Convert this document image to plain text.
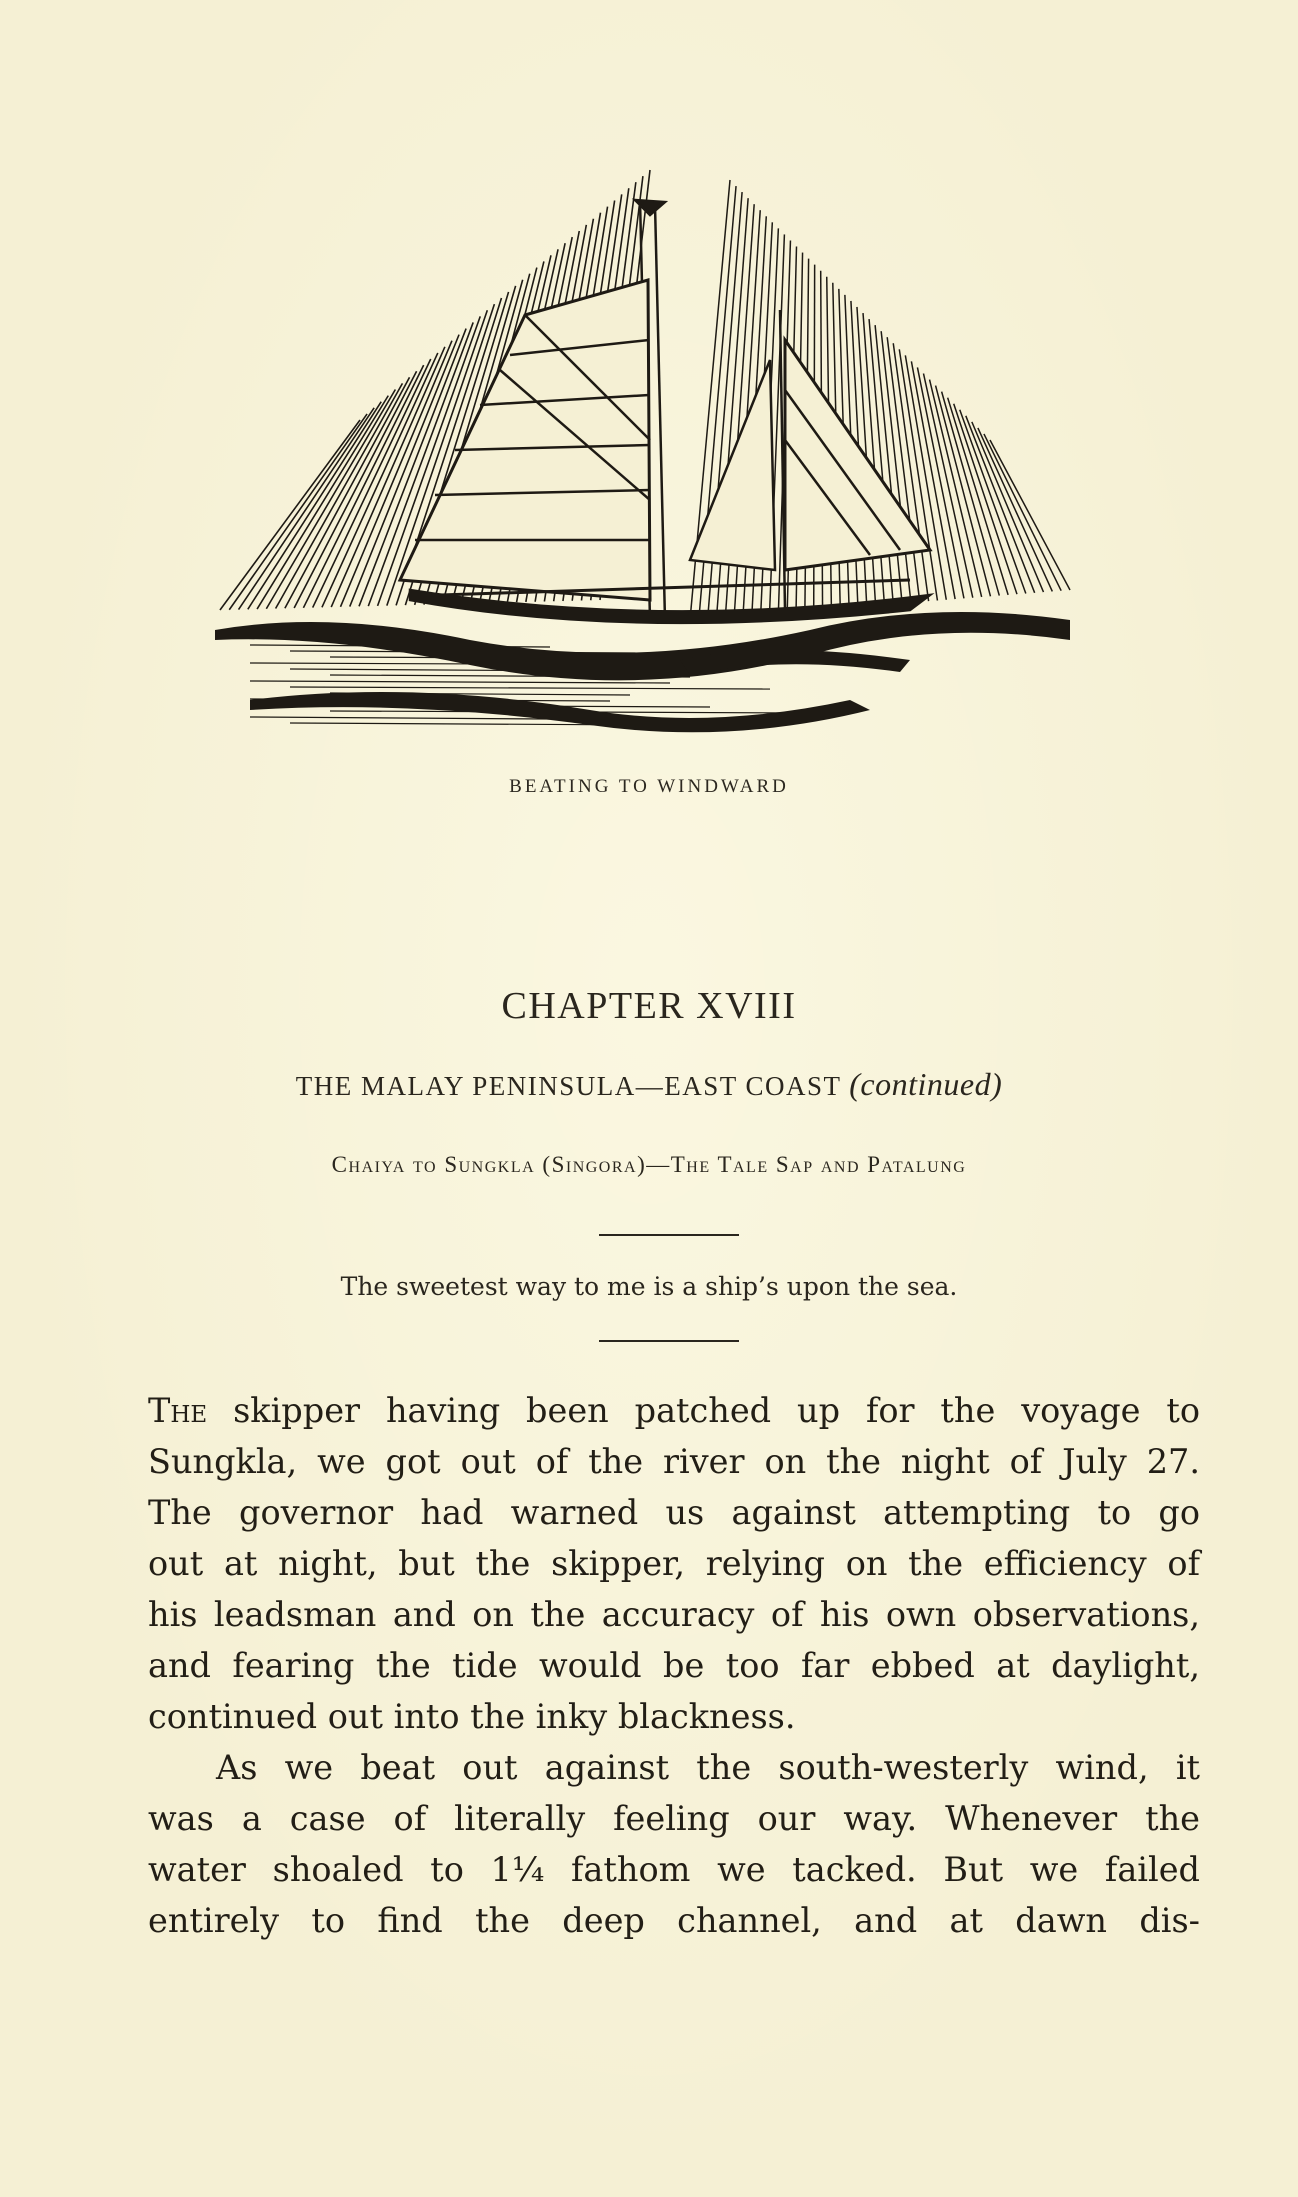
BEATING TO WINDWARD
CHAPTER XVIII
THE MALAY PENINSULA—EAST COAST (continued)
Chaiya to Sungkla (Singora)—The Tale Sap and Patalung
The sweetest way to me is a ship’s upon the sea.
The skipper having been patched up for the voyage to
Sungkla, we got out of the river on the night of July 27.
The governor had warned us against attempting to go
out at night, but the skipper, relying on the efficiency of
his leadsman and on the accuracy of his own observations,
and fearing the tide would be too far ebbed at daylight,
continued out into the inky blackness.
As we beat out against the south-westerly wind, it
was a case of literally feeling our way. Whenever the
water shoaled to 1¼ fathom we tacked. But we failed
entirely to find the deep channel, and at dawn dis-
